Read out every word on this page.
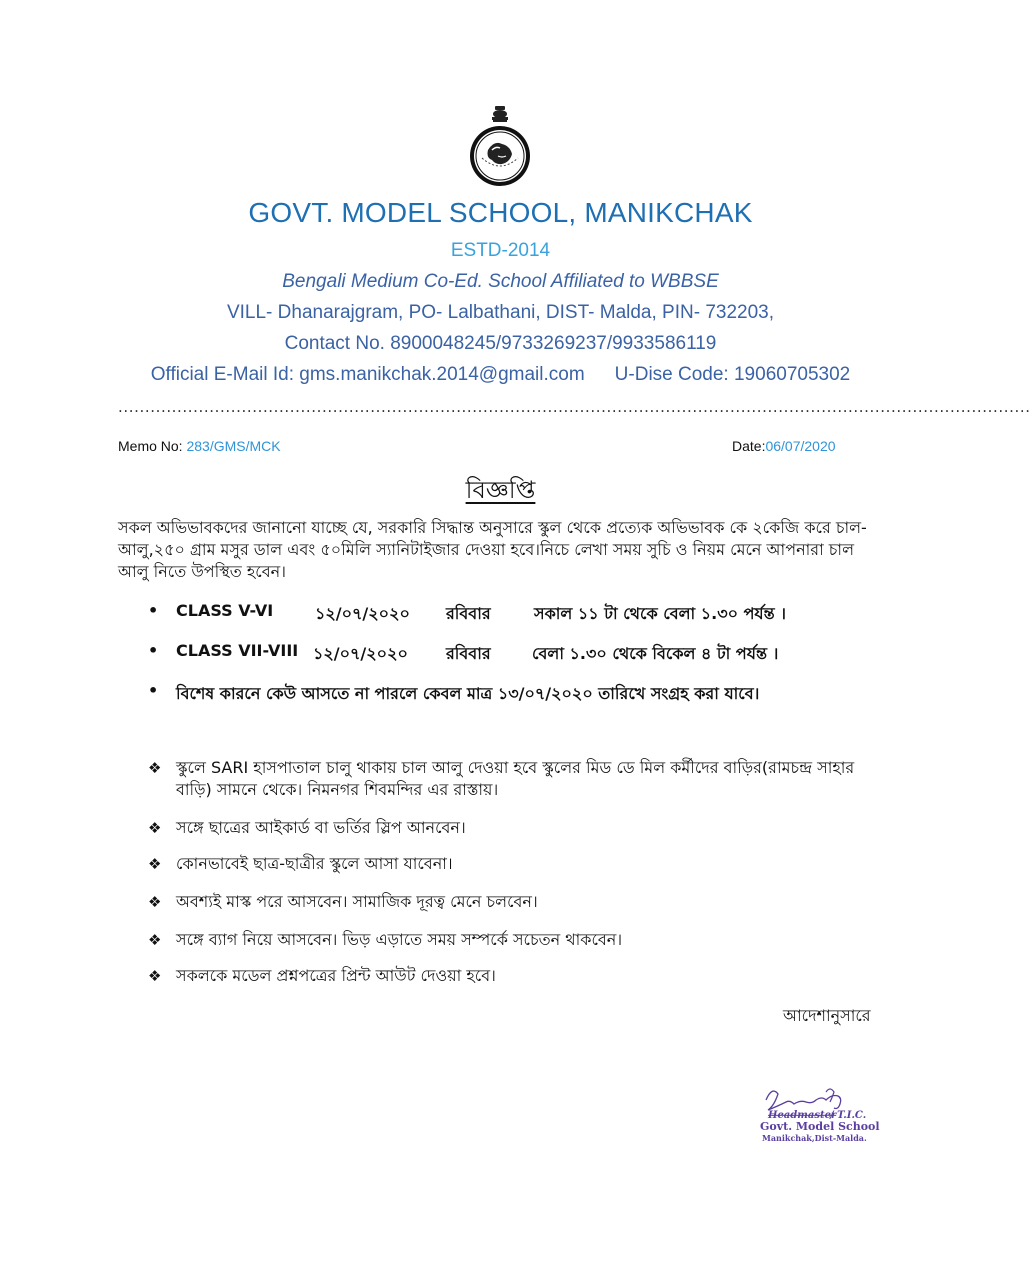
GOVT. MODEL SCHOOL, MANIKCHAK
ESTD-2014
Bengali Medium Co-Ed. School Affiliated to WBBSE
VILL- Dhanarajgram, PO- Lalbathani, DIST- Malda, PIN- 732203,
Contact No. 8900048245/9733269237/9933586119
Official E-Mail Id: gms.manikchak.2014@gmail.com U-Dise Code: 19060705302
..........................................................................................................................................................................
Memo No: 283/GMS/MCK	Date:06/07/2020
বিজ্ঞপ্তি
সকল অভিভাবকদের জানানো যাচ্ছে যে, সরকারি সিদ্ধান্ত অনুসারে স্কুল থেকে প্রত্যেক অভিভাবক কে ২কেজি করে চাল-আলু,২৫০ গ্রাম মসুর ডাল এবং ৫০মিলি স্যানিটাইজার দেওয়া হবে।নিচে লেখা সময় সুচি ও নিয়ম মেনে আপনারা চাল আলু নিতে উপস্থিত হবেন।
• CLASS V-VI	১২/০৭/২০২০ রবিবার	সকাল ১১ টা থেকে বেলা ১.৩০ পর্যন্ত ।
• CLASS VII-VIII ১২/০৭/২০২০ রবিবার	বেলা ১.৩০ থেকে বিকেল ৪ টা পর্যন্ত ।
• বিশেষ কারনে কেউ আসতে না পারলে কেবল মাত্র ১৩/০৭/২০২০ তারিখে সংগ্রহ করা যাবে।
❖ স্কুলে SARI হাসপাতাল চালু থাকায় চাল আলু দেওয়া হবে স্কুলের মিড ডে মিল কর্মীদের বাড়ির(রামচন্দ্র সাহার বাড়ি) সামনে থেকে। নিমনগর শিবমন্দির এর রাস্তায়।
❖ সঙ্গে ছাত্রের আইকার্ড বা ভর্তির স্লিপ আনবেন।
❖ কোনভাবেই ছাত্র-ছাত্রীর স্কুলে আসা যাবেনা।
❖ অবশ্যই মাস্ক পরে আসবেন। সামাজিক দূরত্ব মেনে চলবেন।
❖ সঙ্গে ব্যাগ নিয়ে আসবেন। ভিড় এড়াতে সময় সম্পর্কে সচেতন থাকবেন।
❖ সকলকে মডেল প্রশ্নপত্রের প্রিন্ট আউট দেওয়া হবে।
আদেশানুসারে
Headmaster
/ T.I.C.
Govt. Model School
Manikchak,Dist-Malda.
